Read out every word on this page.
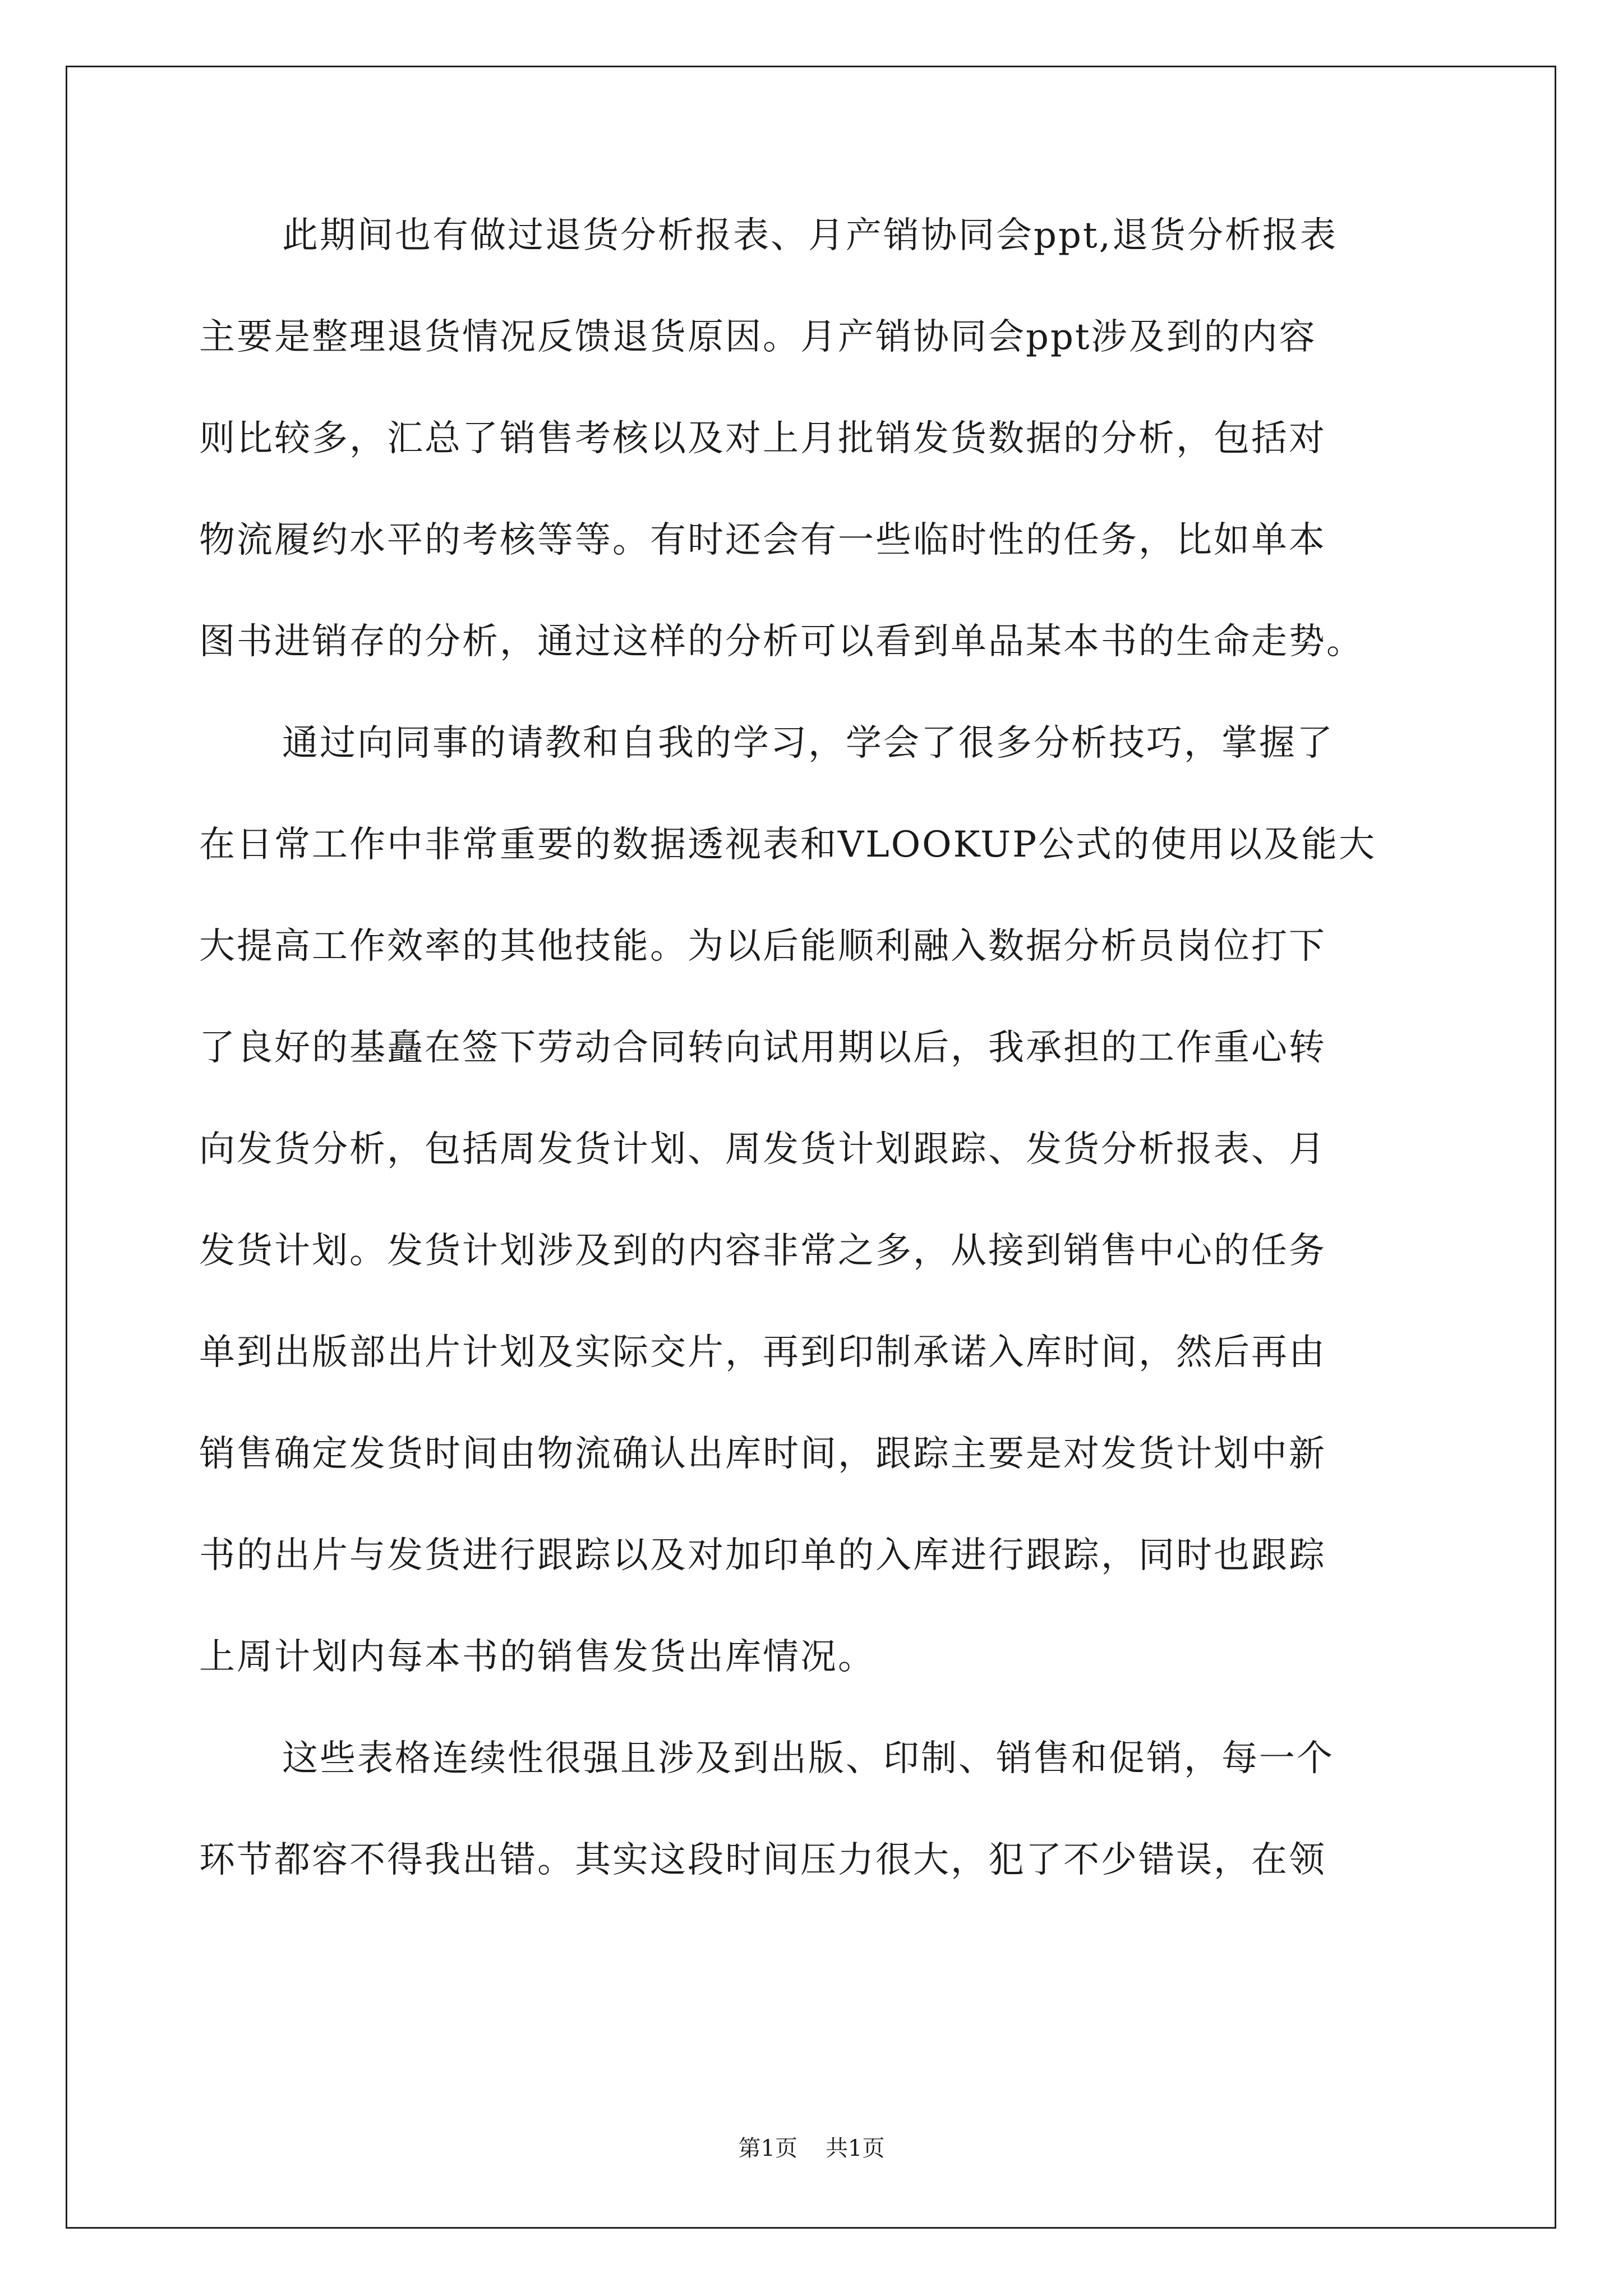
此期间也有做过退货分析报表、月产销协同会ppt,退货分析报表
主要是整理退货情况反馈退货原因。月产销协同会ppt涉及到的内容
则比较多，汇总了销售考核以及对上月批销发货数据的分析，包括对
物流履约水平的考核等等。有时还会有一些临时性的任务，比如单本
图书进销存的分析，通过这样的分析可以看到单品某本书的生命走势。
通过向同事的请教和自我的学习，学会了很多分析技巧，掌握了
在日常工作中非常重要的数据透视表和VLOOKUP公式的使用以及能大
大提高工作效率的其他技能。为以后能顺利融入数据分析员岗位打下
了良好的基矗在签下劳动合同转向试用期以后，我承担的工作重心转
向发货分析，包括周发货计划、周发货计划跟踪、发货分析报表、月
发货计划。发货计划涉及到的内容非常之多，从接到销售中心的任务
单到出版部出片计划及实际交片，再到印制承诺入库时间，然后再由
销售确定发货时间由物流确认出库时间，跟踪主要是对发货计划中新
书的出片与发货进行跟踪以及对加印单的入库进行跟踪，同时也跟踪
上周计划内每本书的销售发货出库情况。
这些表格连续性很强且涉及到出版、印制、销售和促销，每一个
环节都容不得我出错。其实这段时间压力很大，犯了不少错误，在领
第1页 共1页
